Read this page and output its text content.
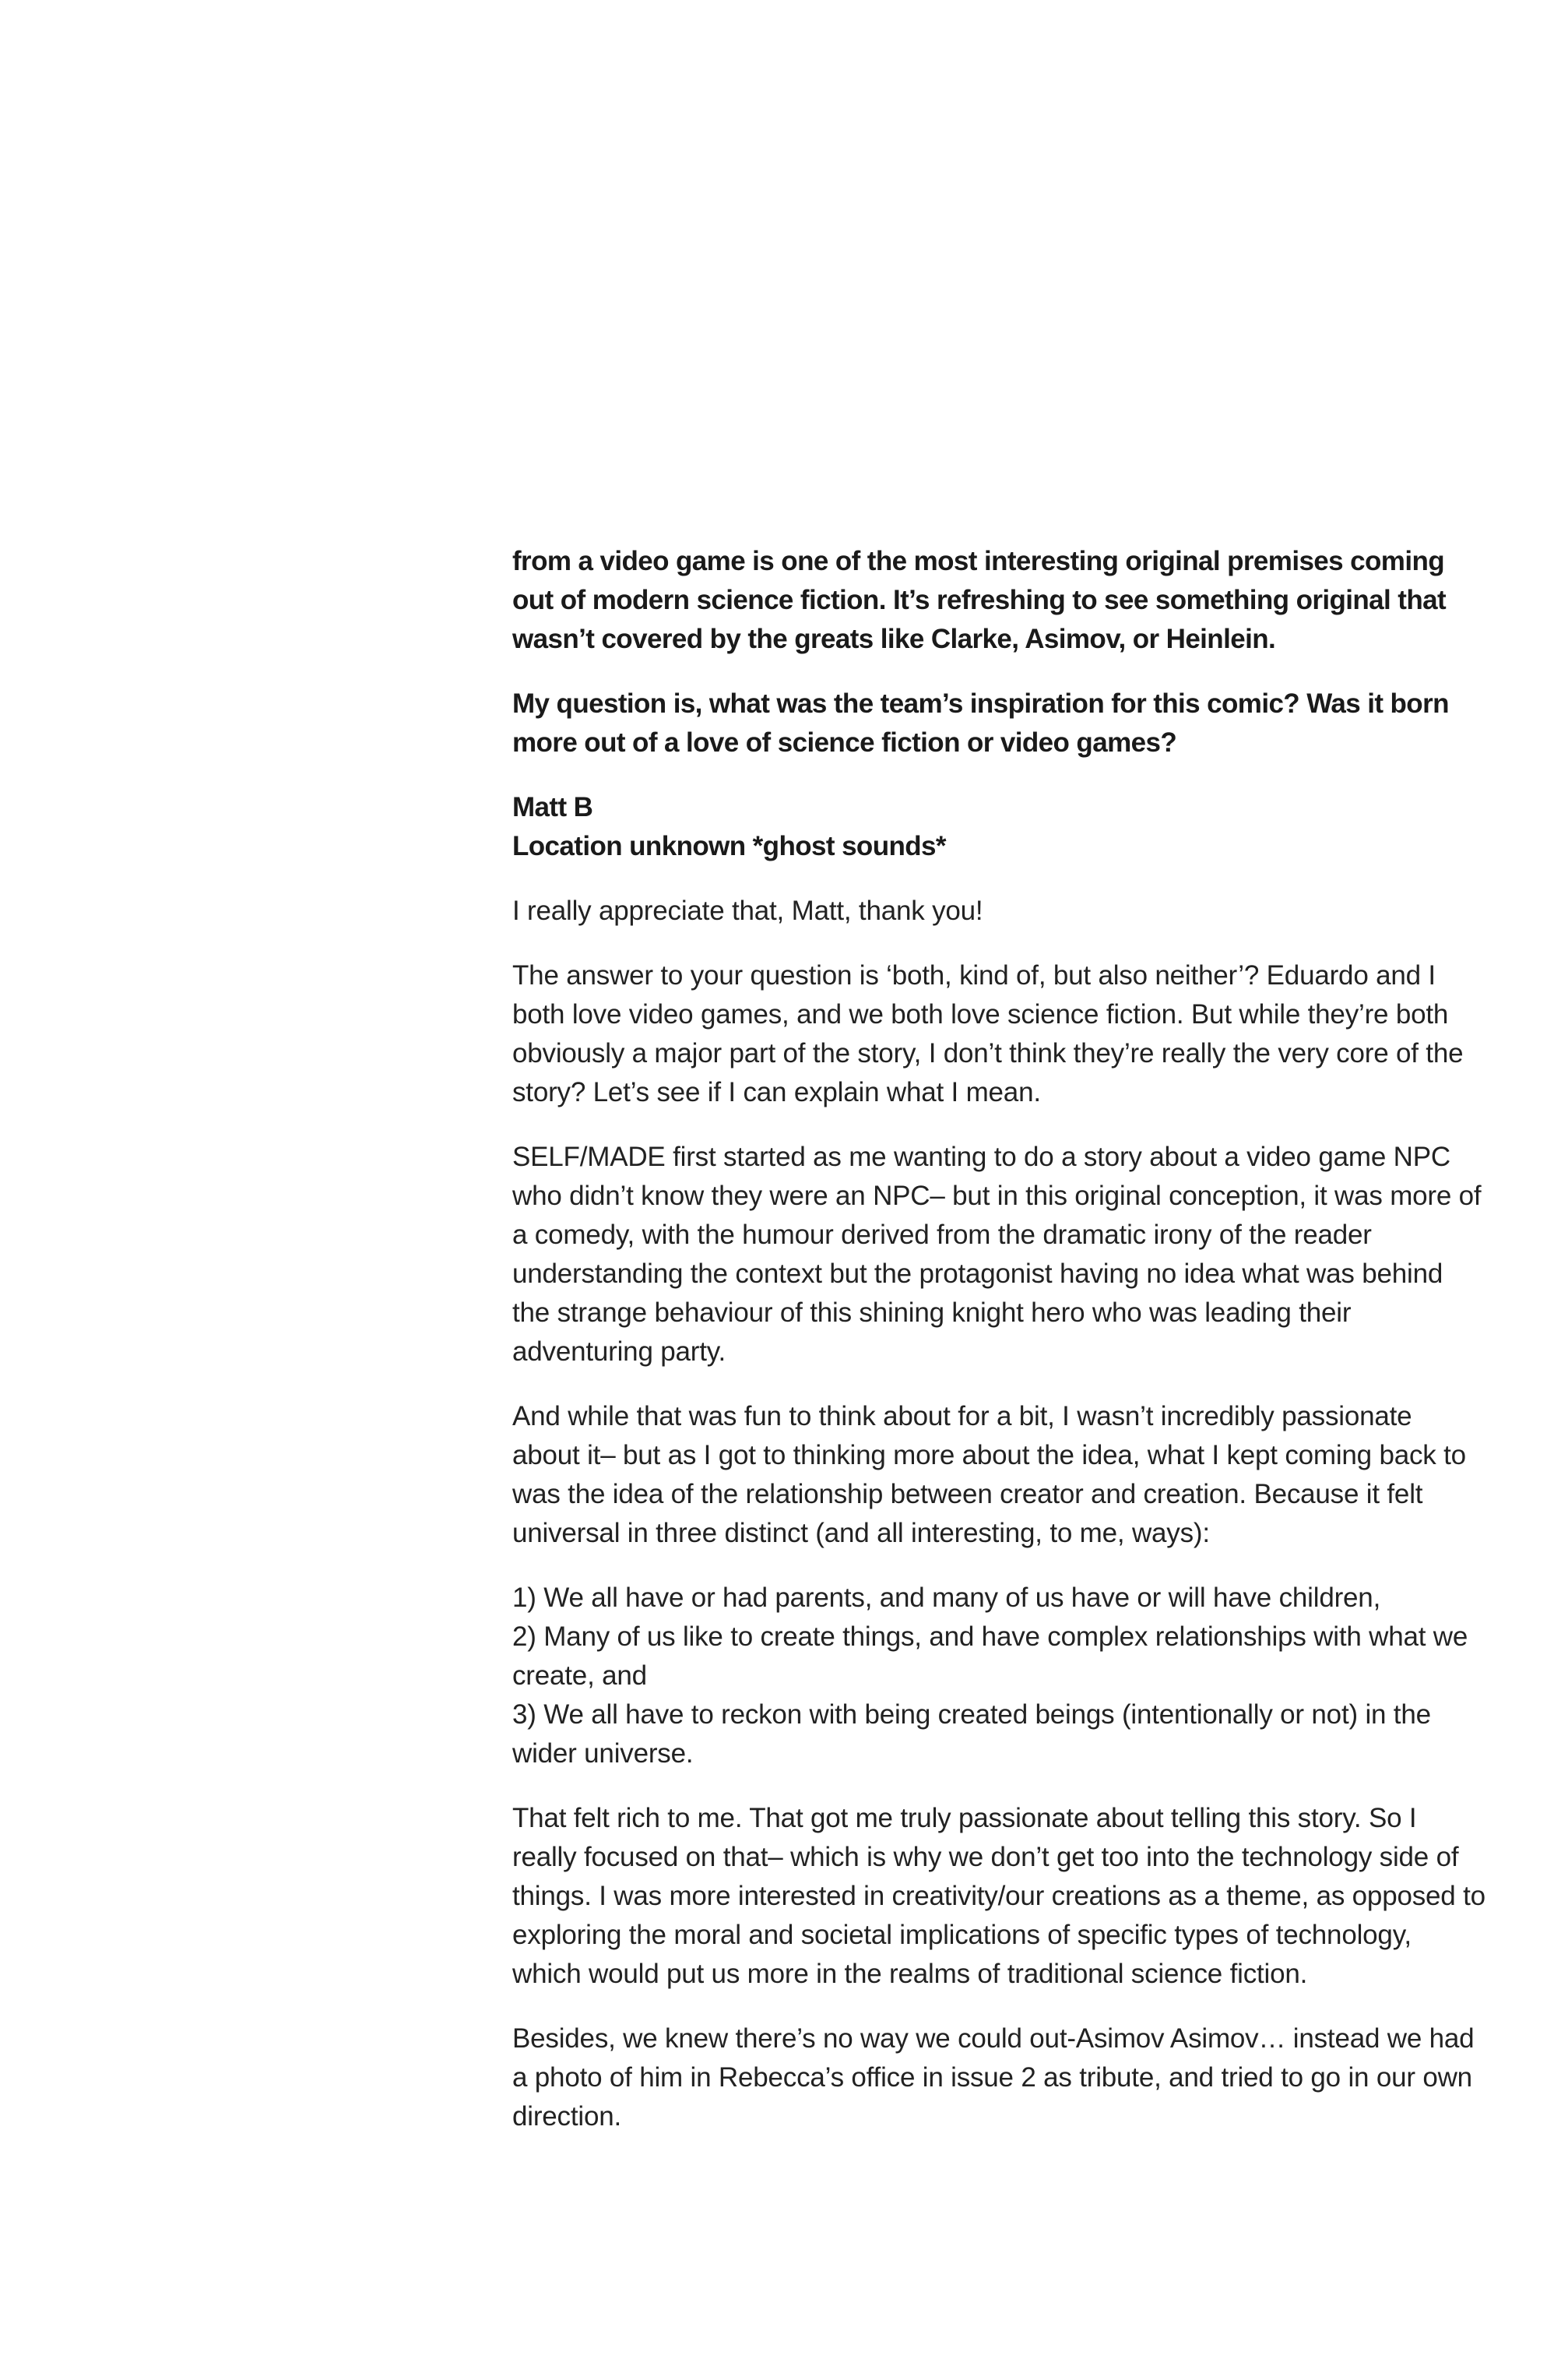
from a video game is one of the most interesting original premises coming out of modern science fiction. It’s refreshing to see something original that wasn’t covered by the greats like Clarke, Asimov, or Heinlein.

My question is, what was the team’s inspiration for this comic? Was it born more out of a love of science fiction or video games?

Matt B
Location unknown *ghost sounds*

I really appreciate that, Matt, thank you!

The answer to your question is ‘both, kind of, but also neither’? Eduardo and I both love video games, and we both love science fiction. But while they’re both obviously a major part of the story, I don’t think they’re really the very core of the story? Let’s see if I can explain what I mean.

SELF/MADE first started as me wanting to do a story about a video game NPC who didn’t know they were an NPC– but in this original conception, it was more of a comedy, with the humour derived from the dramatic irony of the reader understanding the context but the protagonist having no idea what was behind the strange behaviour of this shining knight hero who was leading their adventuring party.

And while that was fun to think about for a bit, I wasn’t incredibly passionate about it– but as I got to thinking more about the idea, what I kept coming back to was the idea of the relationship between creator and creation. Because it felt universal in three distinct (and all interesting, to me, ways):

1) We all have or had parents, and many of us have or will have children,
2) Many of us like to create things, and have complex relationships with what we create, and
3) We all have to reckon with being created beings (intentionally or not) in the wider universe.

That felt rich to me. That got me truly passionate about telling this story. So I really focused on that– which is why we don’t get too into the technology side of things. I was more interested in creativity/our creations as a theme, as opposed to exploring the moral and societal implications of specific types of technology, which would put us more in the realms of traditional science fiction.

Besides, we knew there’s no way we could out-Asimov Asimov… instead we had a photo of him in Rebecca’s office in issue 2 as tribute, and tried to go in our own direction.
